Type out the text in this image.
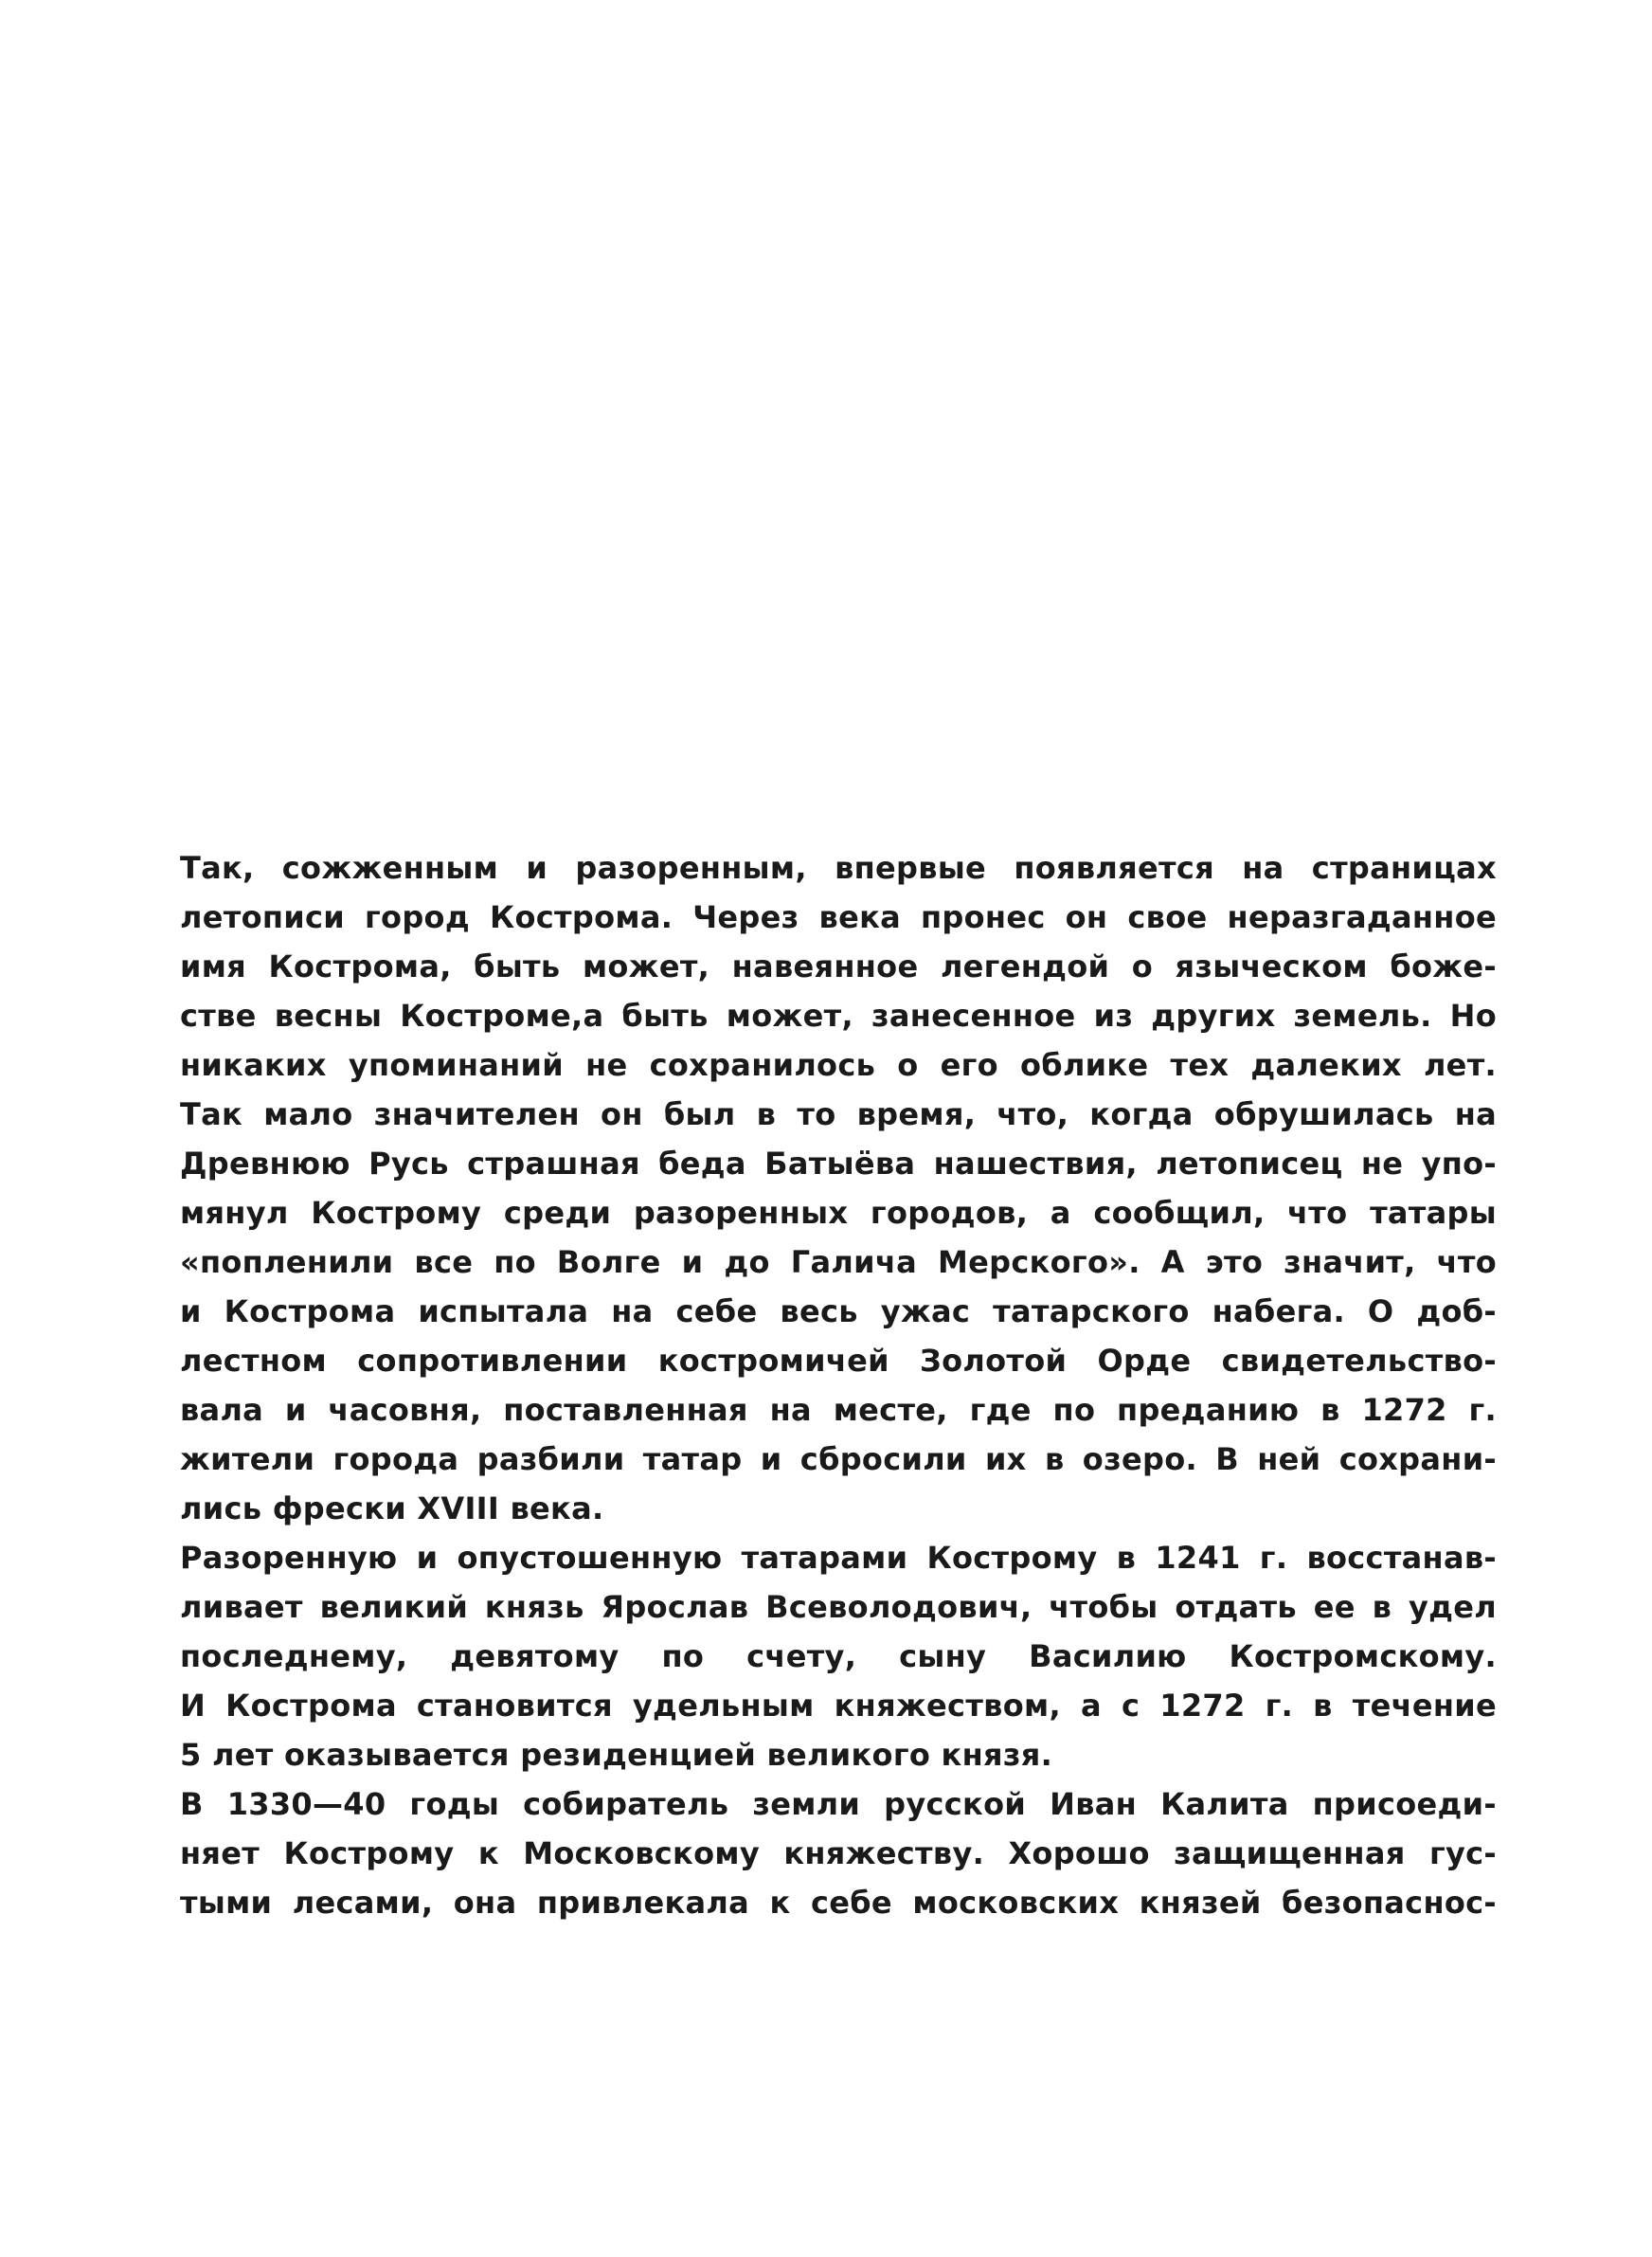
Так, сожженным и разоренным, впервые появляется на страницах
летописи город Кострома. Через века пронес он свое неразгаданное
имя Кострома, быть может, навеянное легендой о языческом боже-
стве весны Костроме,а быть может, занесенное из других земель. Но
никаких упоминаний не сохранилось о его облике тех далеких лет.
Так мало значителен он был в то время, что, когда обрушилась на
Древнюю Русь страшная беда Батыёва нашествия, летописец не упо-
мянул Кострому среди разоренных городов, а сообщил, что татары
«попленили все по Волге и до Галича Мерского». А это значит, что
и Кострома испытала на себе весь ужас татарского набега. О доб-
лестном сопротивлении костромичей Золотой Орде свидетельство-
вала и часовня, поставленная на месте, где по преданию в 1272 г.
жители города разбили татар и сбросили их в озеро. В ней сохрани-
лись фрески XVIII века.
Разоренную и опустошенную татарами Кострому в 1241 г. восстанав-
ливает великий князь Ярослав Всеволодович, чтобы отдать ее в удел
последнему, девятому по счету, сыну Василию Костромскому.
И Кострома становится удельным княжеством, а с 1272 г. в течение
5 лет оказывается резиденцией великого князя.
В 1330—40 годы собиратель земли русской Иван Калита присоеди-
няет Кострому к Московскому княжеству. Хорошо защищенная гус-
тыми лесами, она привлекала к себе московских князей безопаснос-
